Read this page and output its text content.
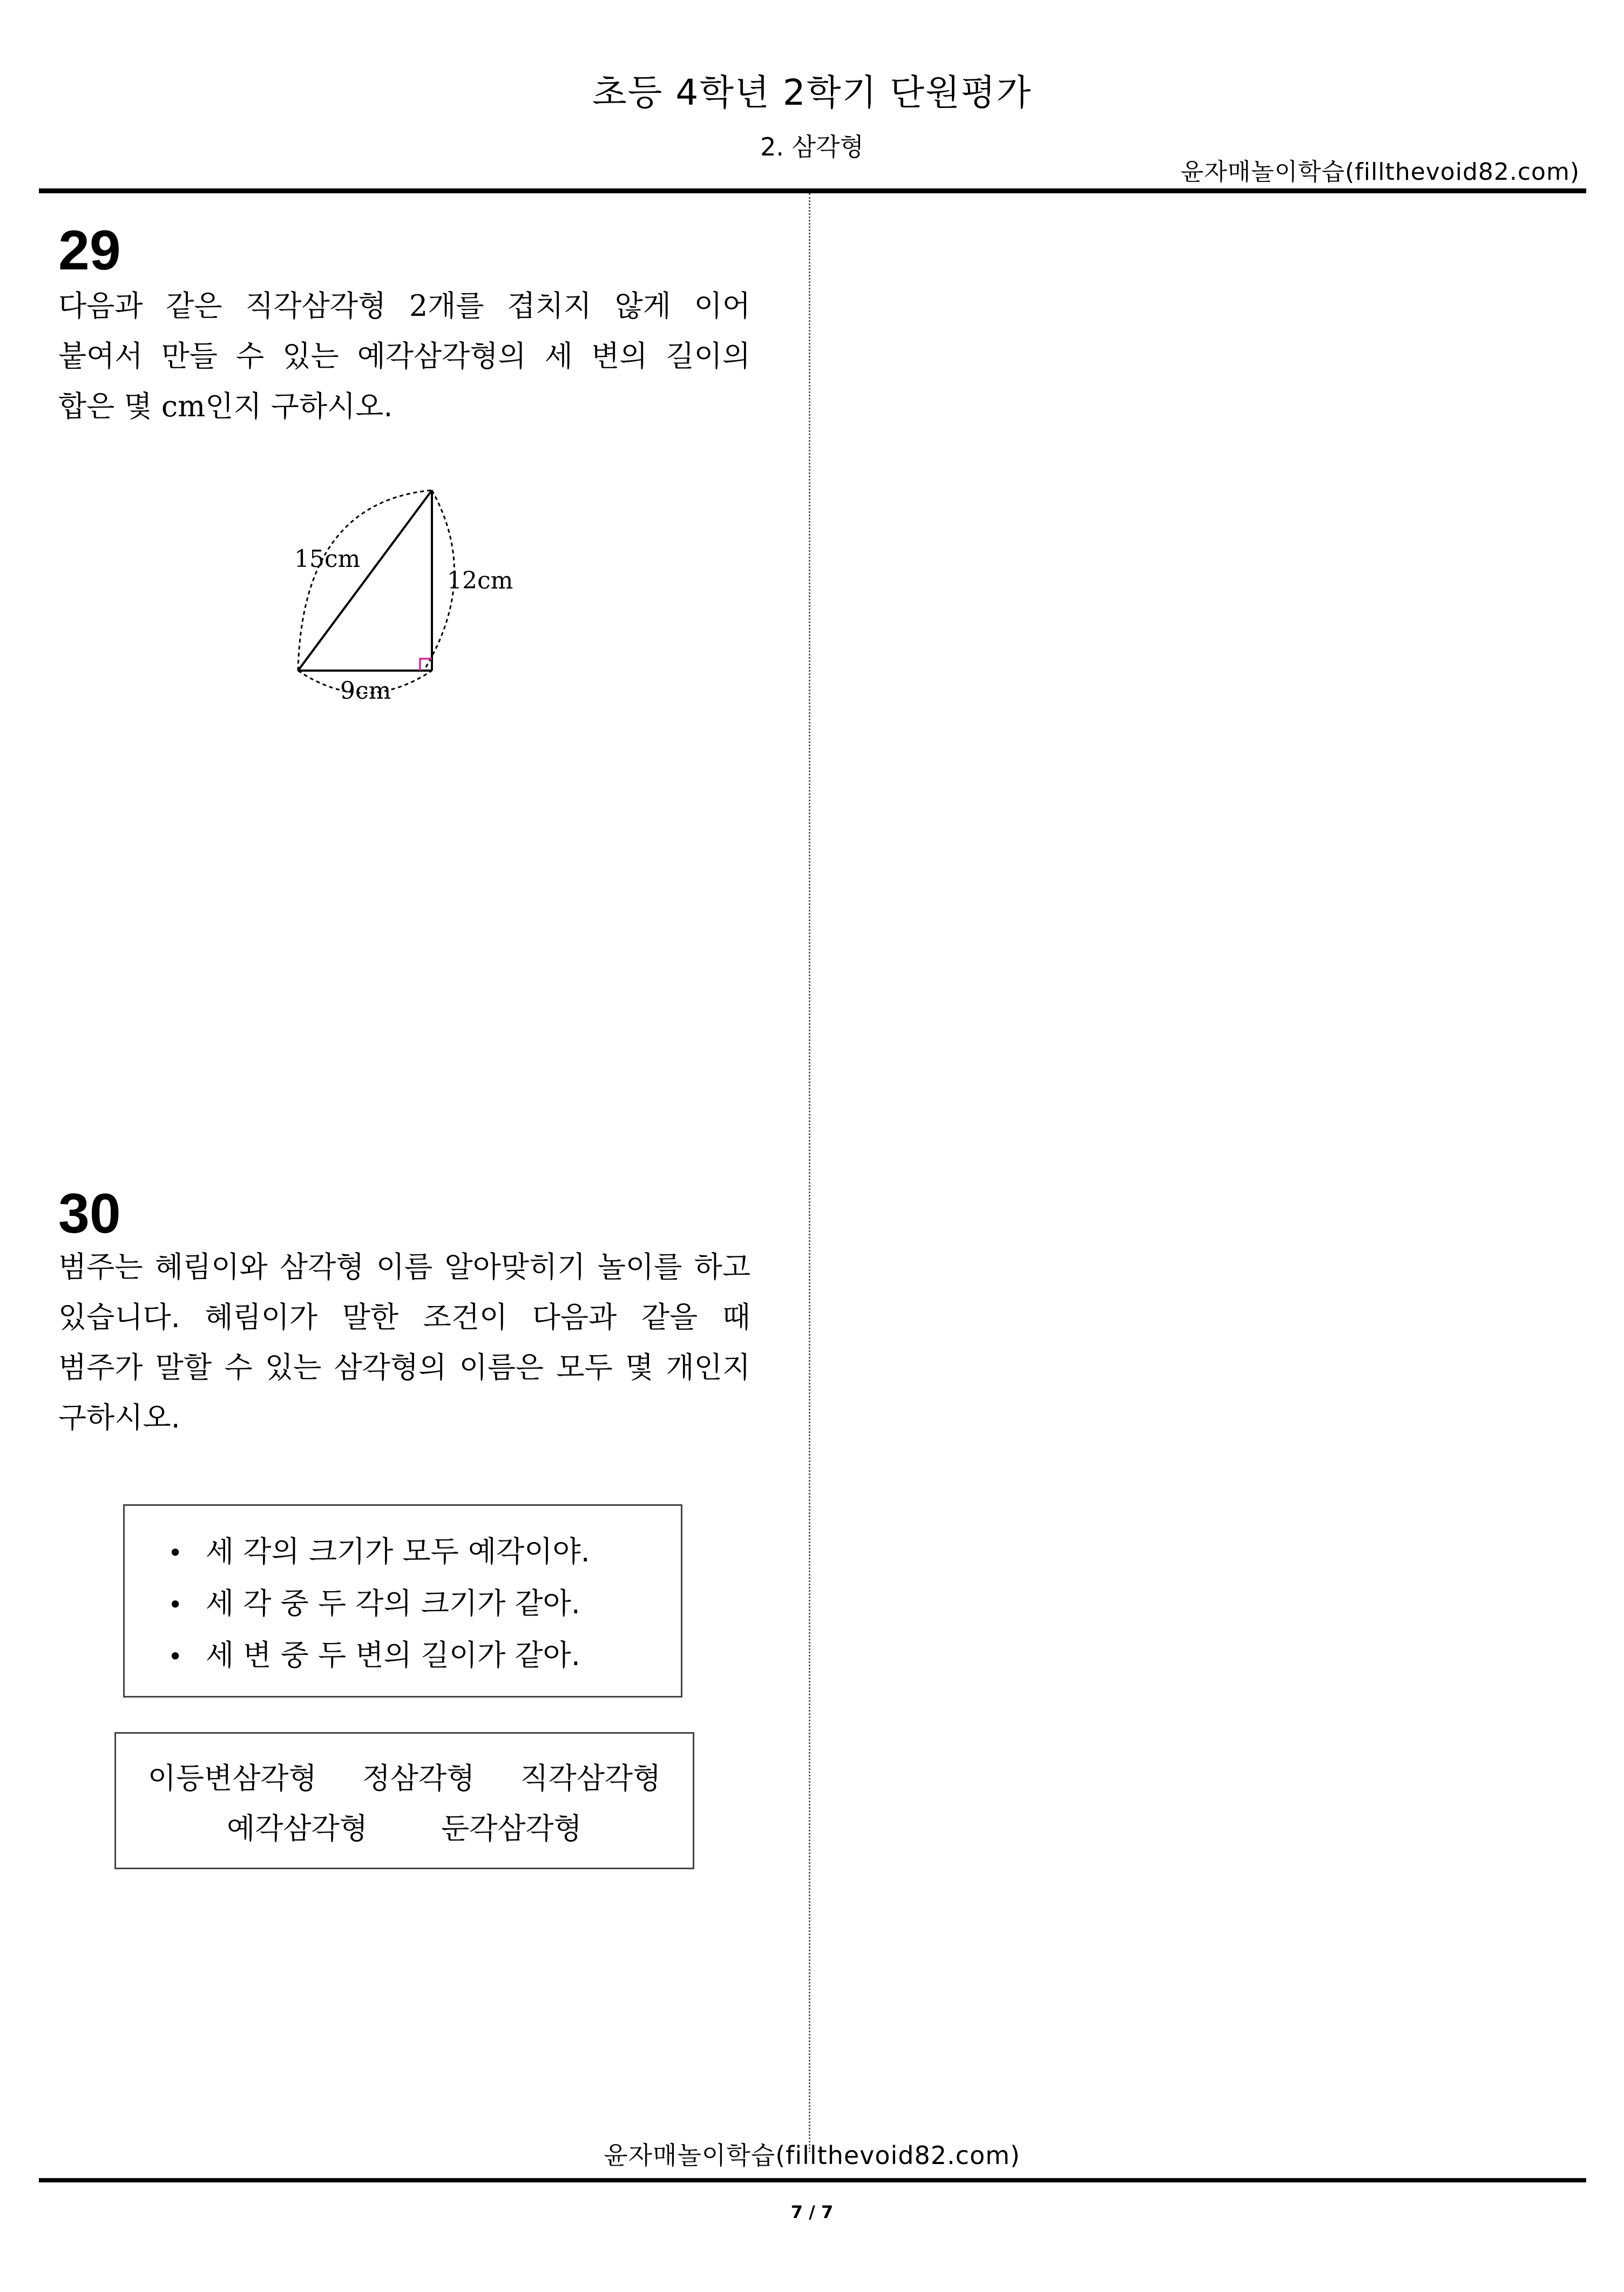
초등 4학년 2학기 단원평가
2. 삼각형
윤자매놀이학습(fillthevoid82.com)
29
다음과 같은 직각삼각형 2개를 겹치지 않게 이어 붙여서 만들 수 있는 예각삼각형의 세 변의 길이의 합은 몇 cm인지 구하시오.
15cm
12cm
9cm
30
범주는 혜림이와 삼각형 이름 알아맞히기 놀이를 하고 있습니다. 혜림이가 말한 조건이 다음과 같을 때 범주가 말할 수 있는 삼각형의 이름은 모두 몇 개인지 구하시오.
• 세 각의 크기가 모두 예각이야.
• 세 각 중 두 각의 크기가 같아.
• 세 변 중 두 변의 길이가 같아.
이등변삼각형 정삼각형 직각삼각형
예각삼각형	둔각삼각형
윤자매놀이학습(fillthevoid82.com)
7 / 7
